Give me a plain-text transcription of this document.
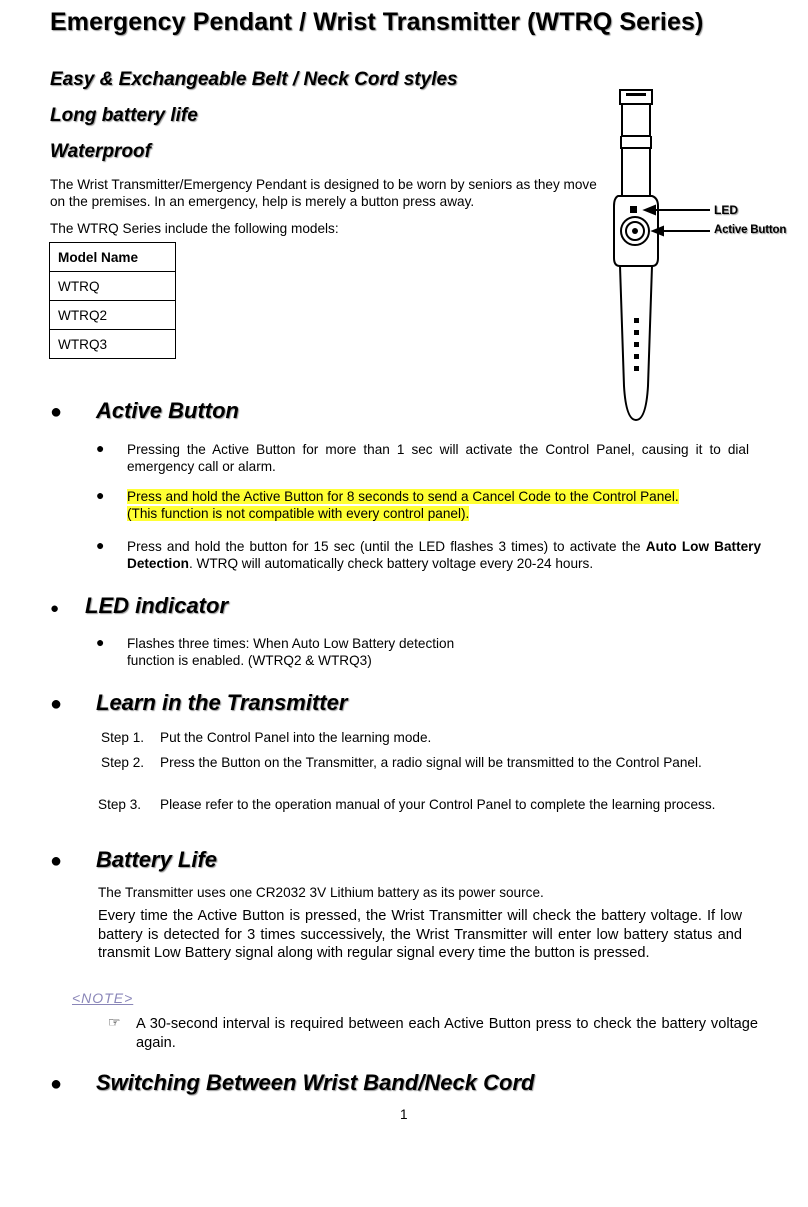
Emergency Pendant / Wrist Transmitter (WTRQ Series)

Easy & Exchangeable Belt / Neck Cord styles

Long battery life

Waterproof

The Wrist Transmitter/Emergency Pendant is designed to be worn by seniors as they move on the premises. In an emergency, help is merely a button press away.
The WTRQ Series include the following models:
Model Name
WTRQ
WTRQ2
WTRQ3
LED
Active Button
● Active Button
● Pressing the Active Button for more than 1 sec will activate the Control Panel, causing it to dial emergency call or alarm.
● Press and hold the Active Button for 8 seconds to send a Cancel Code to the Control Panel.
(This function is not compatible with every control panel).
● Press and hold the button for 15 sec (until the LED flashes 3 times) to activate the Auto Low Battery Detection. WTRQ will automatically check battery voltage every 20-24 hours.
● LED indicator
● Flashes three times: When Auto Low Battery detection function is enabled. (WTRQ2 & WTRQ3)
● Learn in the Transmitter
Step 1. Put the Control Panel into the learning mode.
Step 2. Press the Button on the Transmitter, a radio signal will be transmitted to the Control Panel.
Step 3. Please refer to the operation manual of your Control Panel to complete the learning process.
● Battery Life
The Transmitter uses one CR2032 3V Lithium battery as its power source.
Every time the Active Button is pressed, the Wrist Transmitter will check the battery voltage. If low battery is detected for 3 times successively, the Wrist Transmitter will enter low battery status and transmit Low Battery signal along with regular signal every time the button is pressed.
<NOTE>
☞ A 30-second interval is required between each Active Button press to check the battery voltage again.
● Switching Between Wrist Band/Neck Cord
1
